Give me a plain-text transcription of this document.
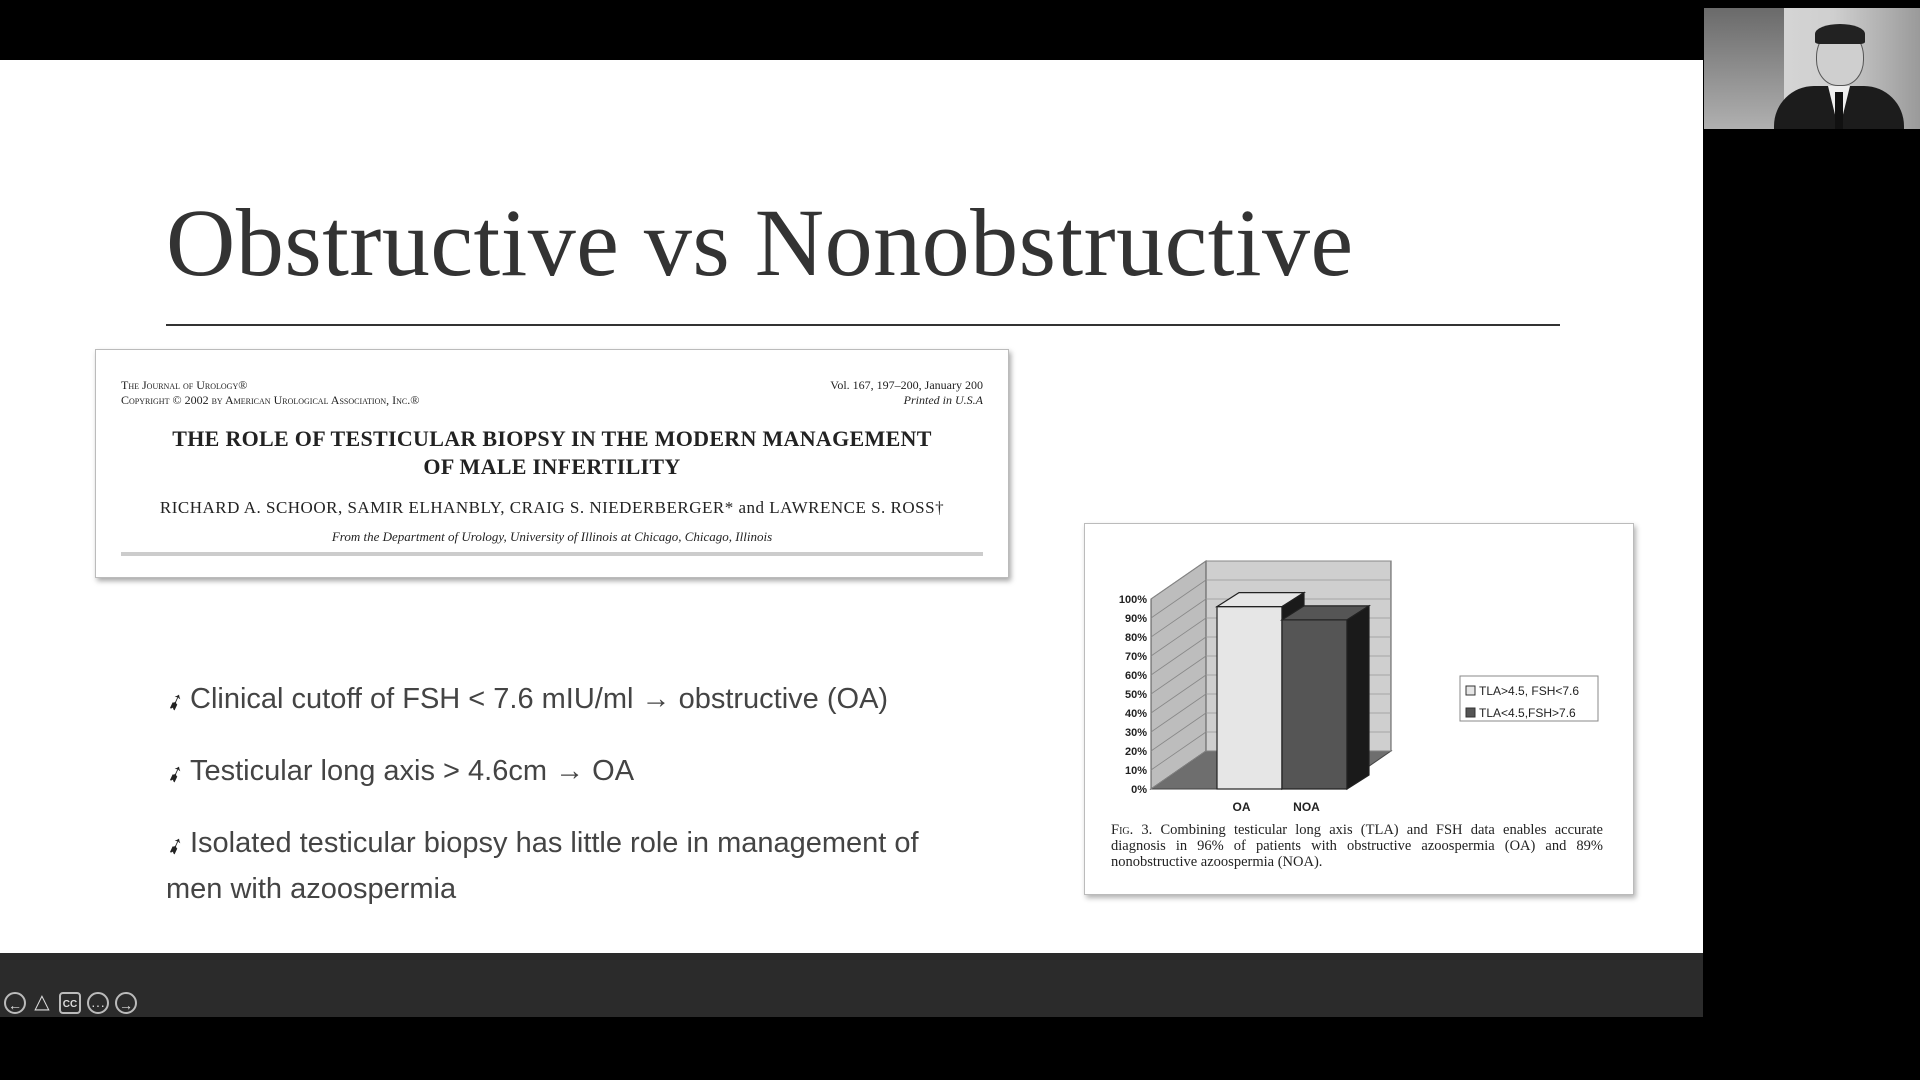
Obstructive vs Nonobstructive
The Journal of Urology®
Copyright © 2002 by American Urological Association, Inc.®
Vol. 167, 197–200, January 200
Printed in U.S.A
THE ROLE OF TESTICULAR BIOPSY IN THE MODERN MANAGEMENT
OF MALE INFERTILITY
RICHARD A. SCHOOR, SAMIR ELHANBLY, CRAIG S. NIEDERBERGER* and LAWRENCE S. ROSS†
From the Department of Urology, University of Illinois at Chicago, Chicago, Illinois
➹Clinical cutoff of FSH < 7.6 mIU/ml → obstructive (OA)
➹Testicular long axis > 4.6cm → OA
➹Isolated testicular biopsy has little role in management of men with azoospermia
0%
10%
20%
30%
40%
50%
60%
70%
80%
90%
100%
OA	NOA
TLA>4.5, FSH<7.6
TLA<4.5,FSH>7.6
Fig. 3. Combining testicular long axis (TLA) and FSH data enables accurate diagnosis in 96% of patients with obstructive azoospermia (OA) and 89% nonobstructive azoospermia (NOA).
← △	CC ··· →
